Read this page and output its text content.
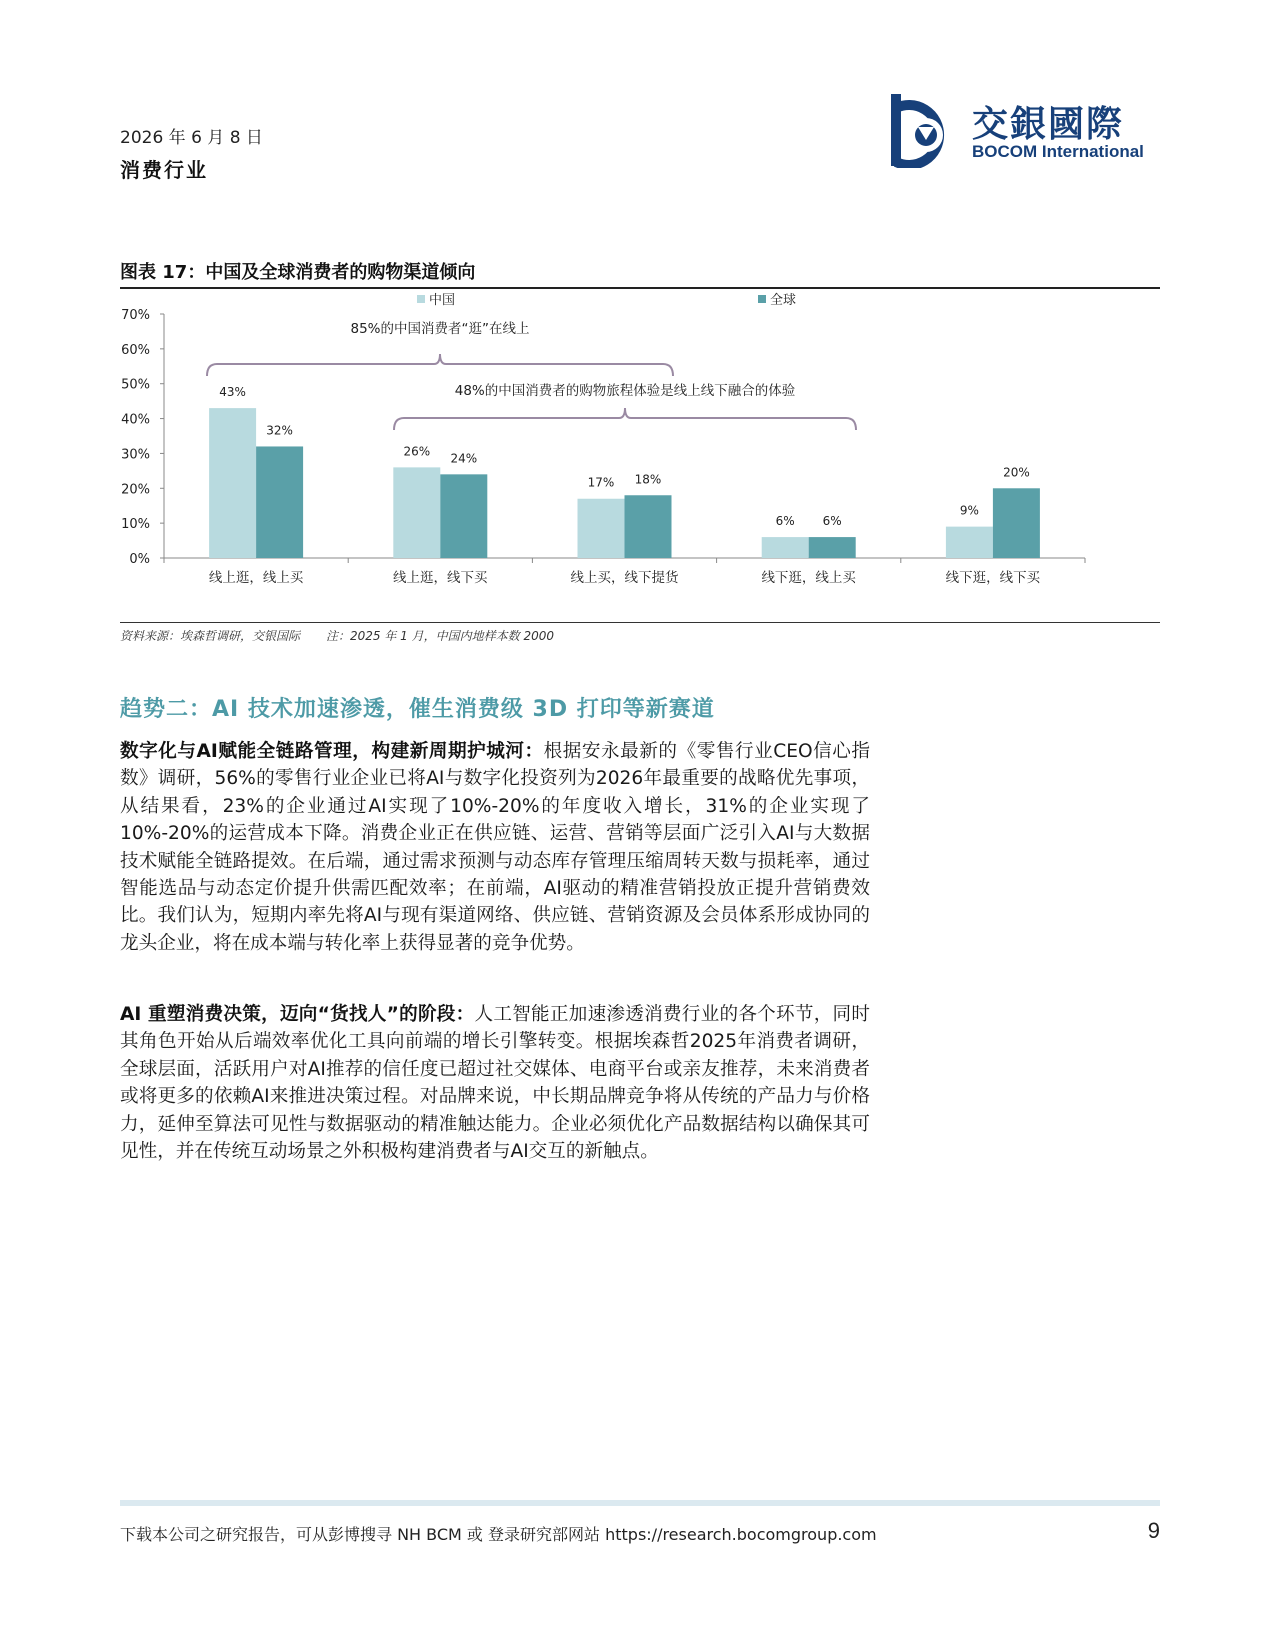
2026 年 6 月 8 日
消费行业
交銀國際
BOCOM International
图表 17：中国及全球消费者的购物渠道倾向
中国	全球
0%
10%
20%
30%
40%
50%
60%
70%
43%
32%
线上逛，线上买
26% 24%
线上逛，线下买
17% 18%
线上买，线下提货
6% 6%
线下逛，线上买
9%
20%
线下逛，线下买
85%的中国消费者“逛”在线上
48%的中国消费者的购物旅程体验是线上线下融合的体验
资料来源：埃森哲调研，交银国际 注：2025 年 1 月，中国内地样本数 2000
趋势二：AI 技术加速渗透，催生消费级 3D 打印等新赛道

数字化与AI赋能全链路管理，构建新周期护城河：根据安永最新的《零售行业CEO信心指数》调研，56%的零售行业企业已将AI与数字化投资列为2026年最重要的战略优先事项，从结果看，23%的企业通过AI实现了10%-20%的年度收入增长，31%的企业实现了10%-20%的运营成本下降。消费企业正在供应链、运营、营销等层面广泛引入AI与大数据技术赋能全链路提效。在后端，通过需求预测与动态库存管理压缩周转天数与损耗率，通过智能选品与动态定价提升供需匹配效率；在前端，AI驱动的精准营销投放正提升营销费效比。我们认为，短期内率先将AI与现有渠道网络、供应链、营销资源及会员体系形成协同的龙头企业，将在成本端与转化率上获得显著的竞争优势。

AI 重塑消费决策，迈向“货找人”的阶段：人工智能正加速渗透消费行业的各个环节，同时其角色开始从后端效率优化工具向前端的增长引擎转变。根据埃森哲2025年消费者调研，全球层面，活跃用户对AI推荐的信任度已超过社交媒体、电商平台或亲友推荐，未来消费者或将更多的依赖AI来推进决策过程。对品牌来说，中长期品牌竞争将从传统的产品力与价格力，延伸至算法可见性与数据驱动的精准触达能力。企业必须优化产品数据结构以确保其可见性，并在传统互动场景之外积极构建消费者与AI交互的新触点。

下载本公司之研究报告，可从彭博搜寻 NH BCM 或 登录研究部网站 https://research.bocomgroup.com	9
